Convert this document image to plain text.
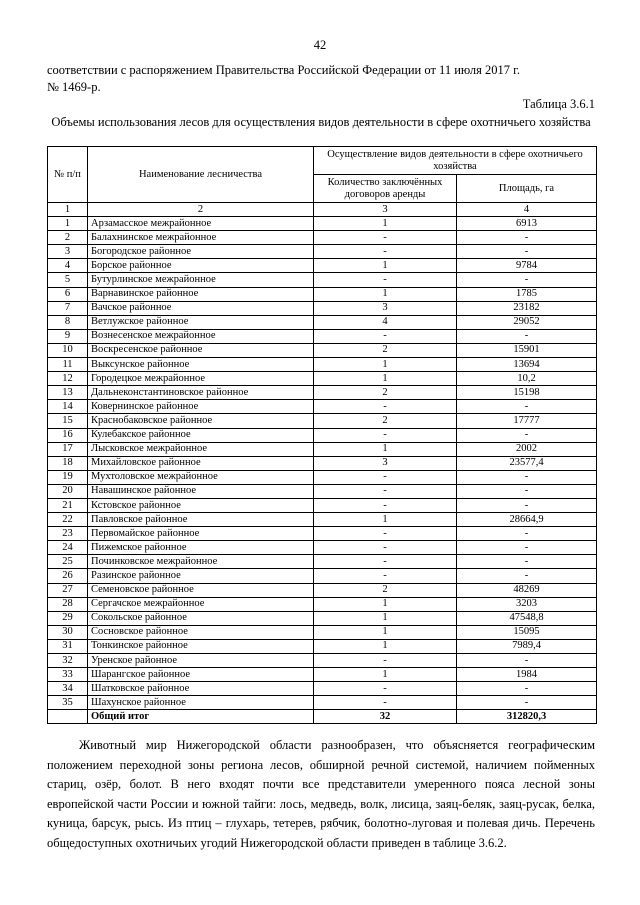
42
соответствии с распоряжением Правительства Российской Федерации от 11 июля 2017 г.
№ 1469-р.
Таблица 3.6.1
Объемы использования лесов для осуществления видов деятельности в сфере охотничьего хозяйства
№ п/п	Наименование лесничества	Осуществление видов деятельности в сфере охотничьего хозяйства	
		Количество заключённых договоров аренды	Площадь, га
1	2	3	4
1	Арзамасское межрайонное	1	6913
2	Балахнинское межрайонное	-	-
3	Богородское районное	-	-
4	Борское районное	1	9784
5	Бутурлинское межрайонное	-	-
6	Варнавинское районное	1	1785
7	Вачское районное	3	23182
8	Ветлужское районное	4	29052
9	Вознесенское межрайонное	-	-
10	Воскресенское районное	2	15901
11	Выксунское районное	1	13694
12	Городецкое межрайонное	1	10,2
13	Дальнеконстантиновское районное	2	15198
14	Ковернинское районное	-	-
15	Краснобаковское районное	2	17777
16	Кулебакское районное	-	-
17	Лысковское межрайонное	1	2002
18	Михайловское районное	3	23577,4
19	Мухтоловское межрайонное	-	-
20	Навашинское районное	-	-
21	Кстовское районное	-	-
22	Павловское районное	1	28664,9
23	Первомайское районное	-	-
24	Пижемское районное	-	-
25	Починковское межрайонное	-	-
26	Разинское районное	-	-
27	Семеновское районное	2	48269
28	Сергачское межрайонное	1	3203
29	Сокольское районное	1	47548,8
30	Сосновское районное	1	15095
31	Тонкинское районное	1	7989,4
32	Уренское районное	-	-
33	Шарангское районное	1	1984
34	Шатковское районное	-	-
35	Шахунское районное	-	-
	Общий итог	32	312820,3
Животный мир Нижегородской области разнообразен, что объясняется географическим положением переходной зоны региона лесов, обширной речной системой, наличием пойменных стариц, озёр, болот. В него входят почти все представители умеренного пояса лесной зоны европейской части России и южной тайги: лось, медведь, волк, лисица, заяц-беляк, заяц-русак, белка, куница, барсук, рысь. Из птиц – глухарь, тетерев, рябчик, болотно-луговая и полевая дичь. Перечень общедоступных охотничьих угодий Нижегородской области приведен в таблице 3.6.2.
